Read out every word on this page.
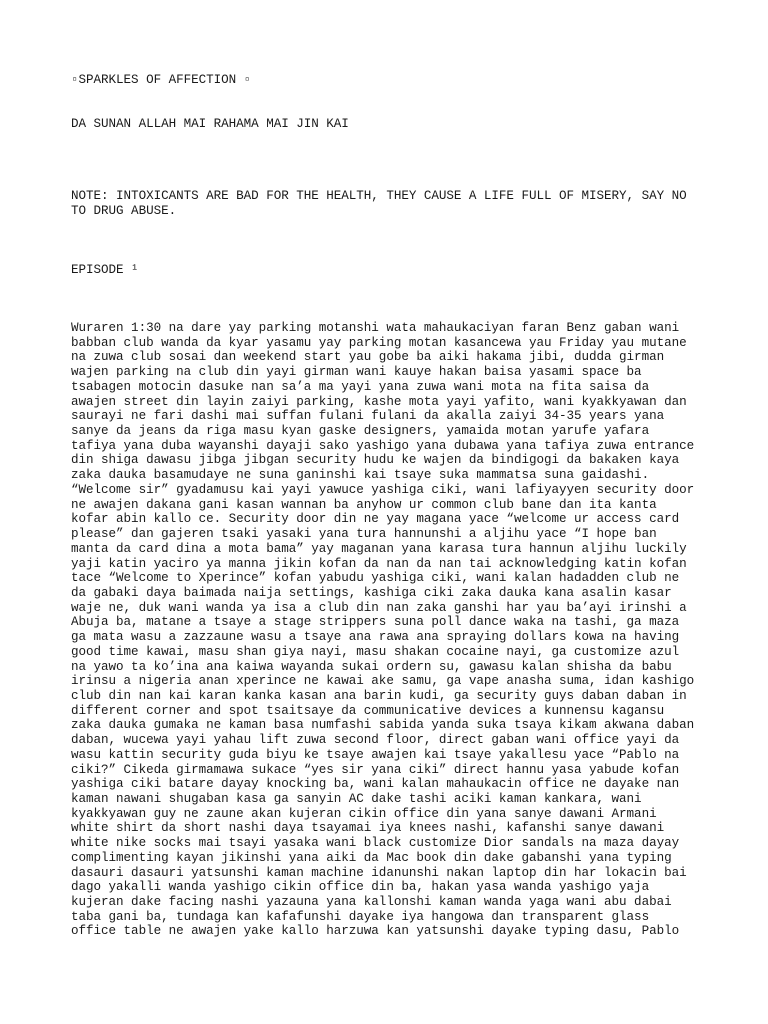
▫SPARKLES OF AFFECTION ▫
DA SUNAN ALLAH MAI RAHAMA MAI JIN KAI
NOTE: INTOXICANTS ARE BAD FOR THE HEALTH, THEY CAUSE A LIFE FULL OF MISERY, SAY NO
TO DRUG ABUSE.
EPISODE ¹
Wuraren 1:30 na dare yay parking motanshi wata mahaukaciyan faran Benz gaban wani
babban club wanda da kyar yasamu yay parking motan kasancewa yau Friday yau mutane
na zuwa club sosai dan weekend start yau gobe ba aiki hakama jibi, dudda girman
wajen parking na club din yayi girman wani kauye hakan baisa yasami space ba
tsabagen motocin dasuke nan sa’a ma yayi yana zuwa wani mota na fita saisa da
awajen street din layin zaiyi parking, kashe mota yayi yafito, wani kyakkyawan dan
saurayi ne fari dashi mai suffan fulani fulani da akalla zaiyi 34-35 years yana
sanye da jeans da riga masu kyan gaske designers, yamaida motan yarufe yafara
tafiya yana duba wayanshi dayaji sako yashigo yana dubawa yana tafiya zuwa entrance
din shiga dawasu jibga jibgan security hudu ke wajen da bindigogi da bakaken kaya
zaka dauka basamudaye ne suna ganinshi kai tsaye suka mammatsa suna gaidashi.
“Welcome sir” gyadamusu kai yayi yawuce yashiga ciki, wani lafiyayyen security door
ne awajen dakana gani kasan wannan ba anyhow ur common club bane dan ita kanta
kofar abin kallo ce. Security door din ne yay magana yace “welcome ur access card
please” dan gajeren tsaki yasaki yana tura hannunshi a aljihu yace “I hope ban
manta da card dina a mota bama” yay maganan yana karasa tura hannun aljihu luckily
yaji katin yaciro ya manna jikin kofan da nan da nan tai acknowledging katin kofan
tace “Welcome to Xperince” kofan yabudu yashiga ciki, wani kalan hadadden club ne
da gabaki daya baimada naija settings, kashiga ciki zaka dauka kana asalin kasar
waje ne, duk wani wanda ya isa a club din nan zaka ganshi har yau ba’ayi irinshi a
Abuja ba, matane a tsaye a stage strippers suna poll dance waka na tashi, ga maza
ga mata wasu a zazzaune wasu a tsaye ana rawa ana spraying dollars kowa na having
good time kawai, masu shan giya nayi, masu shakan cocaine nayi, ga customize azul
na yawo ta ko’ina ana kaiwa wayanda sukai ordern su, gawasu kalan shisha da babu
irinsu a nigeria anan xperince ne kawai ake samu, ga vape anasha suma, idan kashigo
club din nan kai karan kanka kasan ana barin kudi, ga security guys daban daban in
different corner and spot tsaitsaye da communicative devices a kunnensu kagansu
zaka dauka gumaka ne kaman basa numfashi sabida yanda suka tsaya kikam akwana daban
daban, wucewa yayi yahau lift zuwa second floor, direct gaban wani office yayi da
wasu kattin security guda biyu ke tsaye awajen kai tsaye yakallesu yace “Pablo na
ciki?” Cikeda girmamawa sukace “yes sir yana ciki” direct hannu yasa yabude kofan
yashiga ciki batare dayay knocking ba, wani kalan mahaukacin office ne dayake nan
kaman nawani shugaban kasa ga sanyin AC dake tashi aciki kaman kankara, wani
kyakkyawan guy ne zaune akan kujeran cikin office din yana sanye dawani Armani
white shirt da short nashi daya tsayamai iya knees nashi, kafanshi sanye dawani
white nike socks mai tsayi yasaka wani black customize Dior sandals na maza dayay
complimenting kayan jikinshi yana aiki da Mac book din dake gabanshi yana typing
dasauri dasauri yatsunshi kaman machine idanunshi nakan laptop din har lokacin bai
dago yakalli wanda yashigo cikin office din ba, hakan yasa wanda yashigo yaja
kujeran dake facing nashi yazauna yana kallonshi kaman wanda yaga wani abu dabai
taba gani ba, tundaga kan kafafunshi dayake iya hangowa dan transparent glass
office table ne awajen yake kallo harzuwa kan yatsunshi dayake typing dasu, Pablo
